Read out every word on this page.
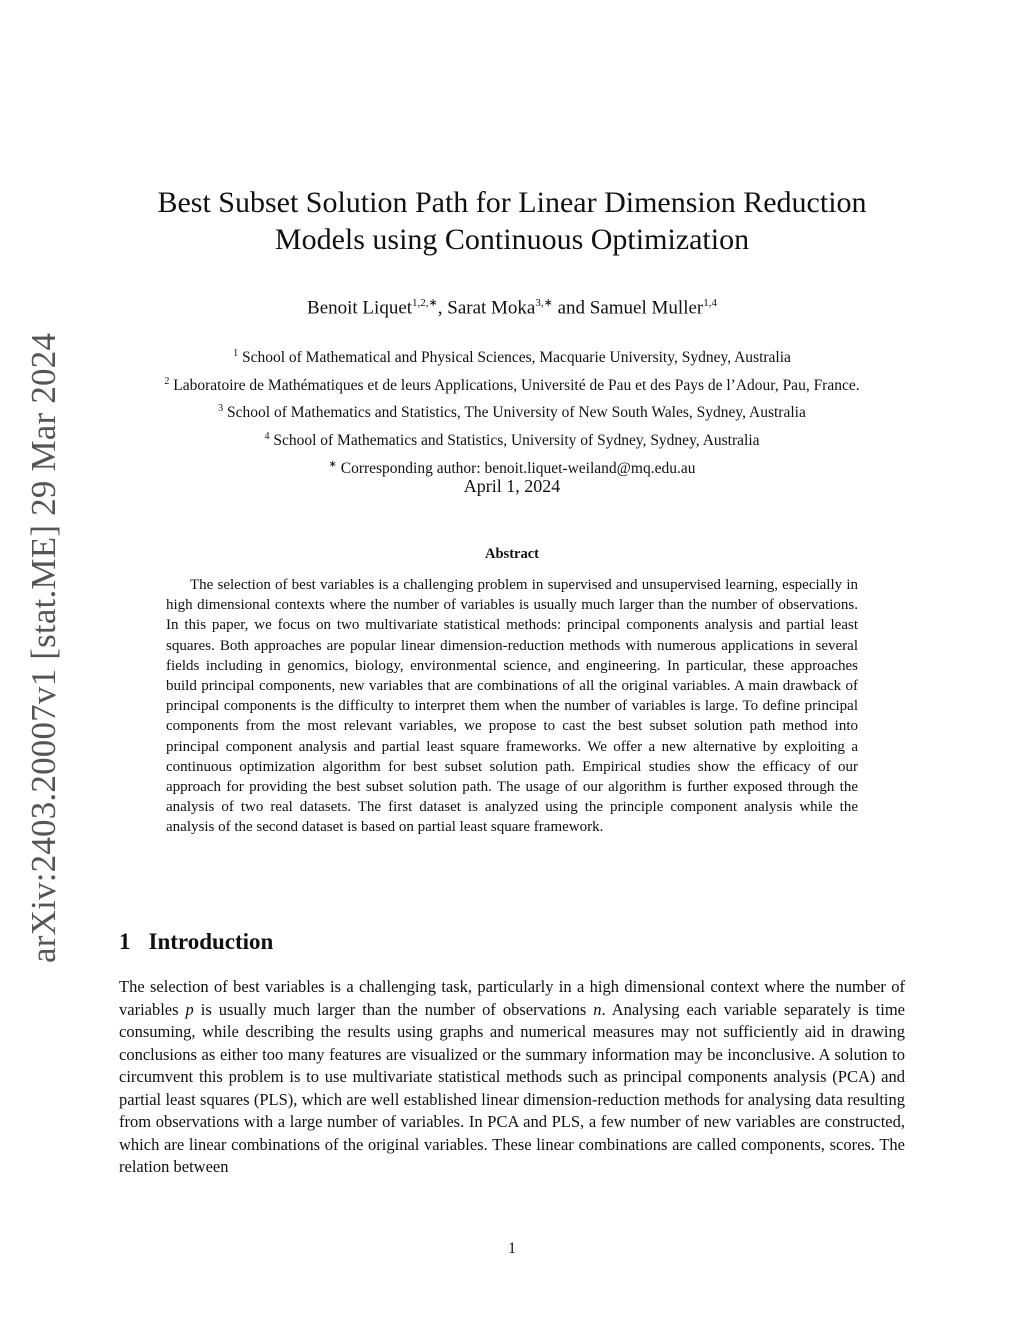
arXiv:2403.20007v1 [stat.ME] 29 Mar 2024
Best Subset Solution Path for Linear Dimension Reduction
Models using Continuous Optimization
Benoit Liquet$^{1,2,∗}$, Sarat Moka$^{3,∗}$ and Samuel Muller$^{1,4}$
$^1$ School of Mathematical and Physical Sciences, Macquarie University, Sydney, Australia
$^2$ Laboratoire de Mathématiques et de leurs Applications, Université de Pau et des Pays de l’Adour, Pau, France.
$^3$ School of Mathematics and Statistics, The University of New South Wales, Sydney, Australia
$^4$ School of Mathematics and Statistics, University of Sydney, Sydney, Australia
∗ Corresponding author: benoit.liquet-weiland@mq.edu.au
April 1, 2024
Abstract
The selection of best variables is a challenging problem in supervised and unsupervised learning, especially in high dimensional contexts where the number of variables is usually much larger than the number of observations. In this paper, we focus on two multivariate statistical methods: principal components analysis and partial least squares. Both approaches are popular linear dimension-reduction methods with numerous applications in several fields including in genomics, biology, environmental science, and engineering. In particular, these approaches build principal components, new variables that are combinations of all the original variables. A main drawback of principal components is the difficulty to interpret them when the number of variables is large. To define principal components from the most relevant variables, we propose to cast the best subset solution path method into principal component analysis and partial least square frameworks. We offer a new alternative by exploiting a continuous optimization algorithm for best subset solution path. Empirical studies show the efficacy of our approach for providing the best subset solution path. The usage of our algorithm is further exposed through the analysis of two real datasets. The first dataset is analyzed using the principle component analysis while the analysis of the second dataset is based on partial least square framework.
1 Introduction
The selection of best variables is a challenging task, particularly in a high dimensional context where the number of variables p is usually much larger than the number of observations n. Analysing each variable separately is time consuming, while describing the results using graphs and numerical measures may not sufficiently aid in drawing conclusions as either too many features are visualized or the summary information may be inconclusive. A solution to circumvent this problem is to use multivariate statistical methods such as principal components analysis (PCA) and partial least squares (PLS), which are well established linear dimension-reduction methods for analysing data resulting from observations with a large number of variables. In PCA and PLS, a few number of new variables are constructed, which are linear combinations of the original variables. These linear combinations are called components, scores. The relation between
1
